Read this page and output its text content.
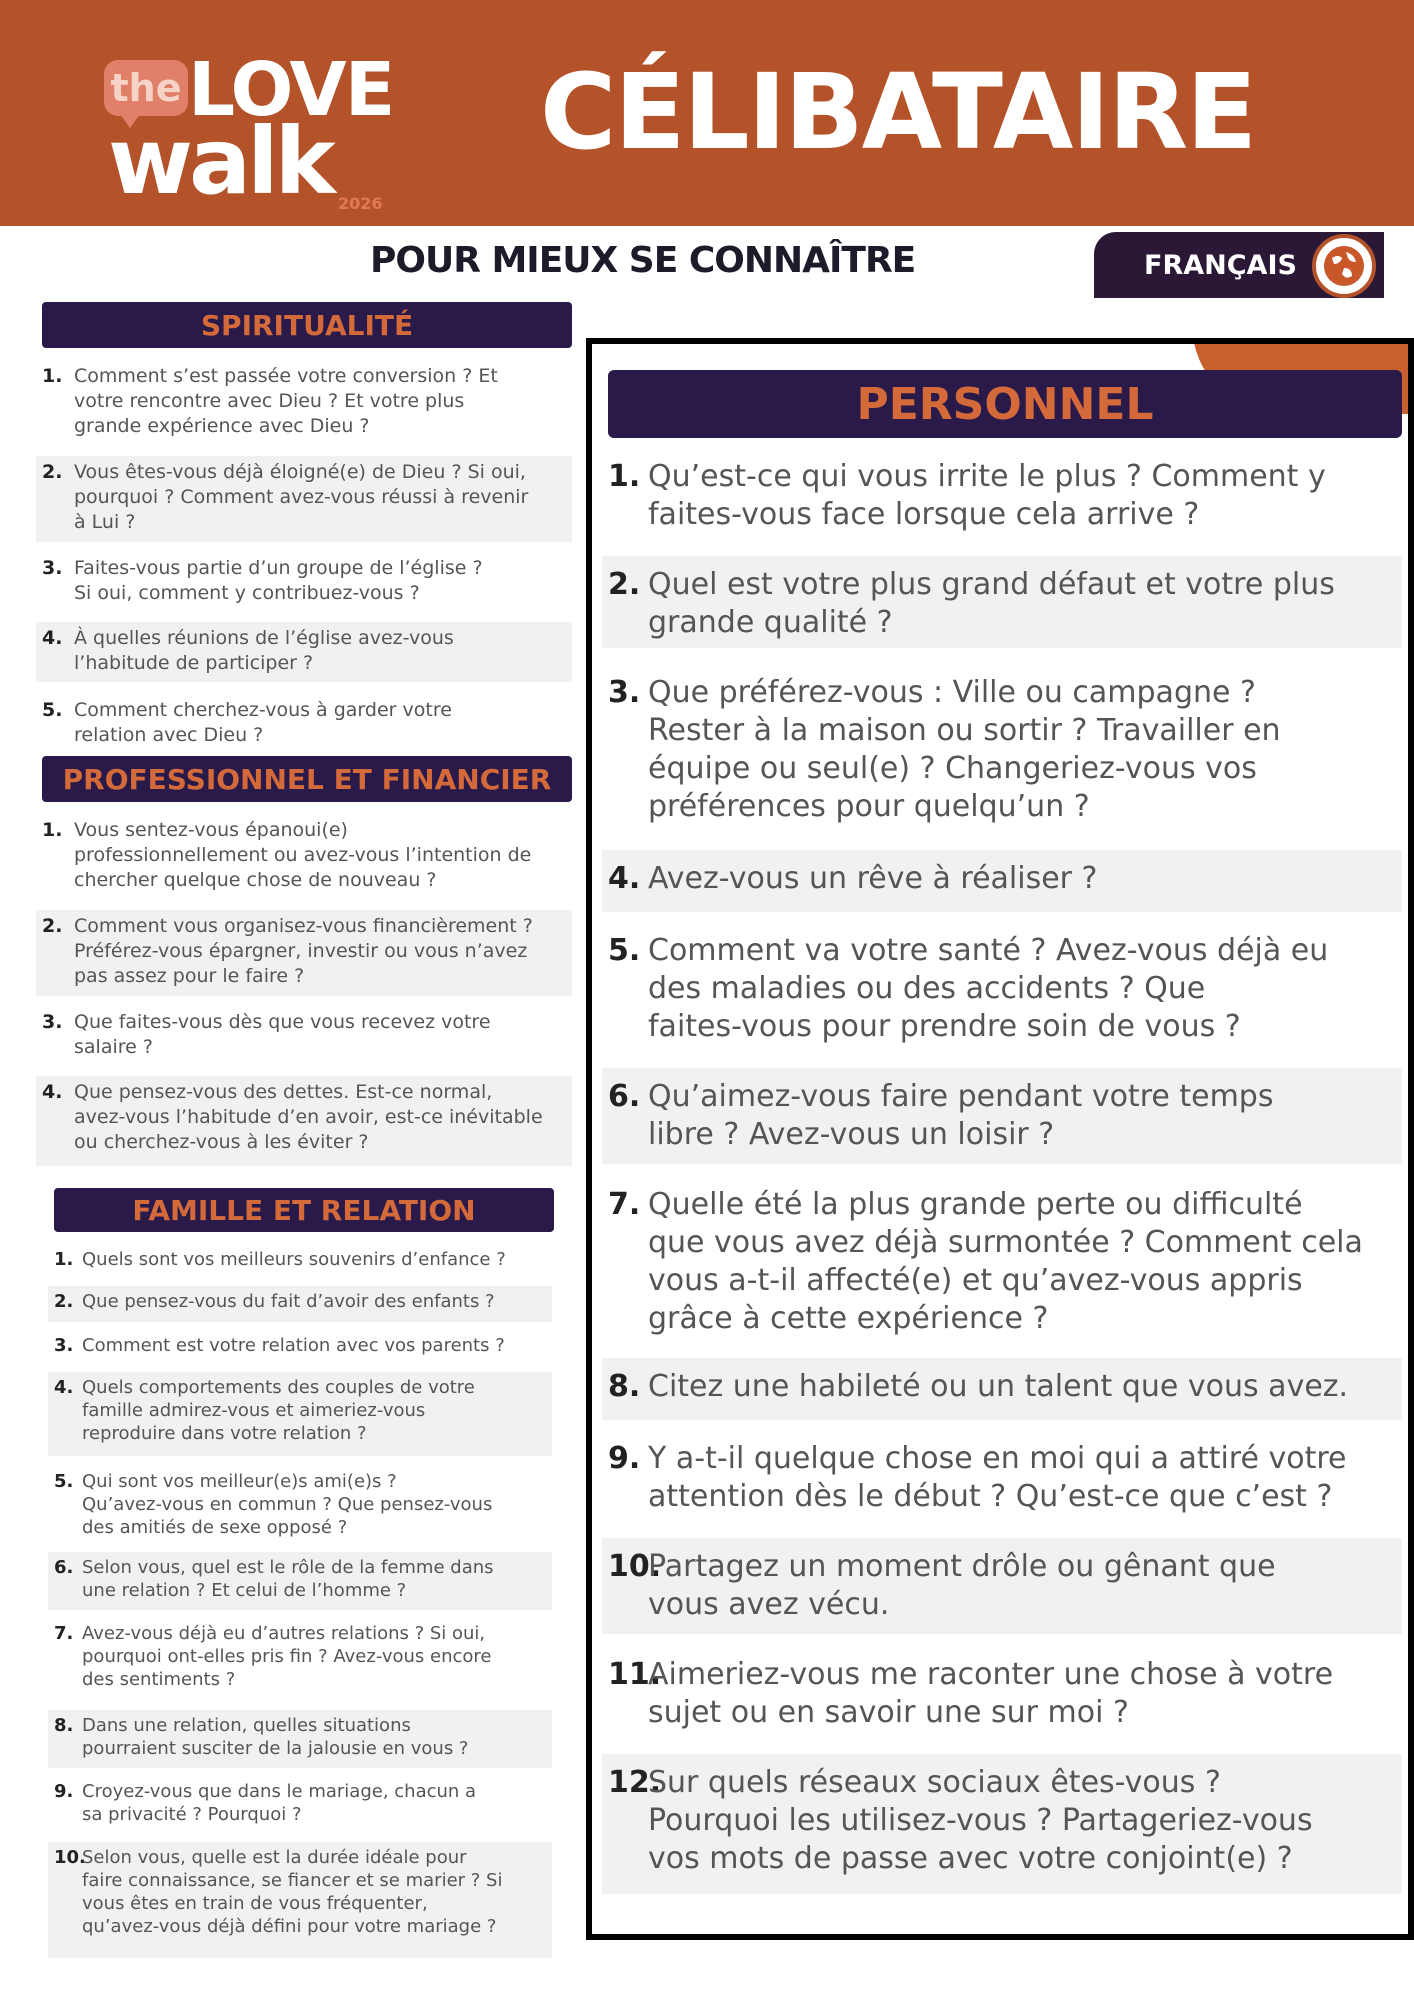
the LOVE
walk 2026
CÉLIBATAIRE
POUR MIEUX SE CONNAÎTRE	FRANÇAIS
SPIRITUALITÉ
1. Comment s’est passée votre conversion ? Et
votre rencontre avec Dieu ? Et votre plus
grande expérience avec Dieu ?
2. Vous êtes-vous déjà éloigné(e) de Dieu ? Si oui,
pourquoi ? Comment avez-vous réussi à revenir
à Lui ?
3. Faites-vous partie d’un groupe de l’église ?
Si oui, comment y contribuez-vous ?
4. À quelles réunions de l’église avez-vous
l’habitude de participer ?
5. Comment cherchez-vous à garder votre
relation avec Dieu ?
PROFESSIONNEL ET FINANCIER
1. Vous sentez-vous épanoui(e)
professionnellement ou avez-vous l’intention de
chercher quelque chose de nouveau ?
2. Comment vous organisez-vous financièrement ?
Préférez-vous épargner, investir ou vous n’avez
pas assez pour le faire ?
3. Que faites-vous dès que vous recevez votre
salaire ?
4. Que pensez-vous des dettes. Est-ce normal,
avez-vous l’habitude d’en avoir, est-ce inévitable
ou cherchez-vous à les éviter ?
FAMILLE ET RELATION
1. Quels sont vos meilleurs souvenirs d’enfance ?
2. Que pensez-vous du fait d’avoir des enfants ?
3. Comment est votre relation avec vos parents ?
4. Quels comportements des couples de votre
famille admirez-vous et aimeriez-vous
reproduire dans votre relation ?
5. Qui sont vos meilleur(e)s ami(e)s ?
Qu’avez-vous en commun ? Que pensez-vous
des amitiés de sexe opposé ?
6. Selon vous, quel est le rôle de la femme dans
une relation ? Et celui de l’homme ?
7. Avez-vous déjà eu d’autres relations ? Si oui,
pourquoi ont-elles pris fin ? Avez-vous encore
des sentiments ?
8. Dans une relation, quelles situations
pourraient susciter de la jalousie en vous ?
9. Croyez-vous que dans le mariage, chacun a
sa privacité ? Pourquoi ?
10.
Selon vous, quelle est la durée idéale pour
faire connaissance, se fiancer et se marier ? Si
vous êtes en train de vous fréquenter,
qu’avez-vous déjà défini pour votre mariage ?
PERSONNEL
1. Qu’est-ce qui vous irrite le plus ? Comment y
faites-vous face lorsque cela arrive ?
2. Quel est votre plus grand défaut et votre plus
grande qualité ?
3. Que préférez-vous : Ville ou campagne ?
Rester à la maison ou sortir ? Travailler en
équipe ou seul(e) ? Changeriez-vous vos
préférences pour quelqu’un ?
4. Avez-vous un rêve à réaliser ?
5. Comment va votre santé ? Avez-vous déjà eu
des maladies ou des accidents ? Que
faites-vous pour prendre soin de vous ?
6. Qu’aimez-vous faire pendant votre temps
libre ? Avez-vous un loisir ?
7. Quelle été la plus grande perte ou difficulté
que vous avez déjà surmontée ? Comment cela
vous a-t-il affecté(e) et qu’avez-vous appris
grâce à cette expérience ?
8. Citez une habileté ou un talent que vous avez.
9. Y a-t-il quelque chose en moi qui a attiré votre
attention dès le début ? Qu’est-ce que c’est ?
10.
Partagez un moment drôle ou gênant que
vous avez vécu.
11.
Aimeriez-vous me raconter une chose à votre
sujet ou en savoir une sur moi ?
12.
Sur quels réseaux sociaux êtes-vous ?
Pourquoi les utilisez-vous ? Partageriez-vous
vos mots de passe avec votre conjoint(e) ?
